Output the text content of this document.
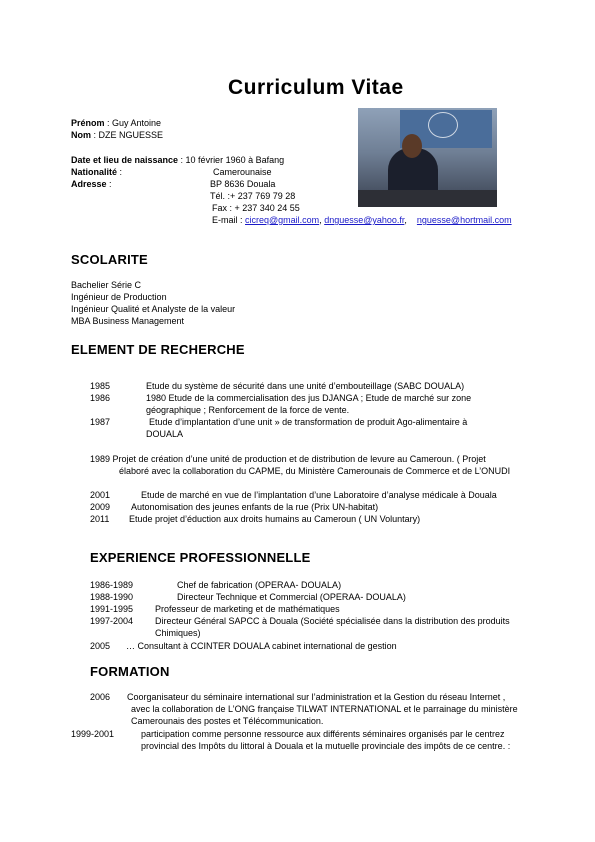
Curriculum Vitae
Prénom : Guy Antoine
Nom : DZE NGUESSE
Date et lieu de naissance : 10 février 1960 à Bafang
Nationalité :	Camerounaise
Adresse :	BP 8636 Douala
Tél. :+ 237 769 79 28
Fax : + 237 340 24 55
E-mail : cicreq@gmail.com, dnguesse@yahoo.fr,    nguesse@hortmail.com
SCOLARITE
Bachelier Série C
Ingénieur de Production
Ingénieur Qualité et Analyste de la valeur
MBA Business Management
ELEMENT DE RECHERCHE
1985	Etude du système de sécurité dans une unité d’embouteillage (SABC DOUALA)
1986	1980 Etude de la commercialisation des jus DJANGA ; Etude de marché sur zone
géographique ; Renforcement de la force de vente.
1987	Etude d’implantation d’une unit » de transformation de produit Ago-alimentaire à
DOUALA
1989 Projet de création d’une unité de production et de distribution de levure au Cameroun. ( Projet
élaboré avec la collaboration du CAPME, du Ministère Camerounais de Commerce et de L’ONUDI
2001	Etude de marché en vue de l’implantation d’une Laboratoire d’analyse médicale à Douala
2009 Autonomisation des jeunes enfants de la rue (Prix UN-habitat)
2011 Etude projet d’éduction aux droits humains au Cameroun ( UN Voluntary)
EXPERIENCE PROFESSIONNELLE
1986-1989	Chef de fabrication (OPERAA- DOUALA)
1988-1990	Directeur Technique et Commercial (OPERAA- DOUALA)
1991-1995 Professeur de marketing et de mathématiques
1997-2004 Directeur Général SAPCC à Douala (Société spécialisée dans la distribution des produits
Chimiques)
2005 … Consultant à CCINTER DOUALA cabinet international de gestion
FORMATION
2006 Coorganisateur du séminaire international sur l’administration et la Gestion du réseau Internet ,
avec la collaboration de L’ONG française TILWAT INTERNATIONAL et le parrainage du ministère
Camerounais des postes et Télécommunication.
1999-2001	participation comme personne ressource aux différents séminaires organisés par le centrez
provincial des Impôts du littoral à Douala et la mutuelle provinciale des impôts de ce centre. :
